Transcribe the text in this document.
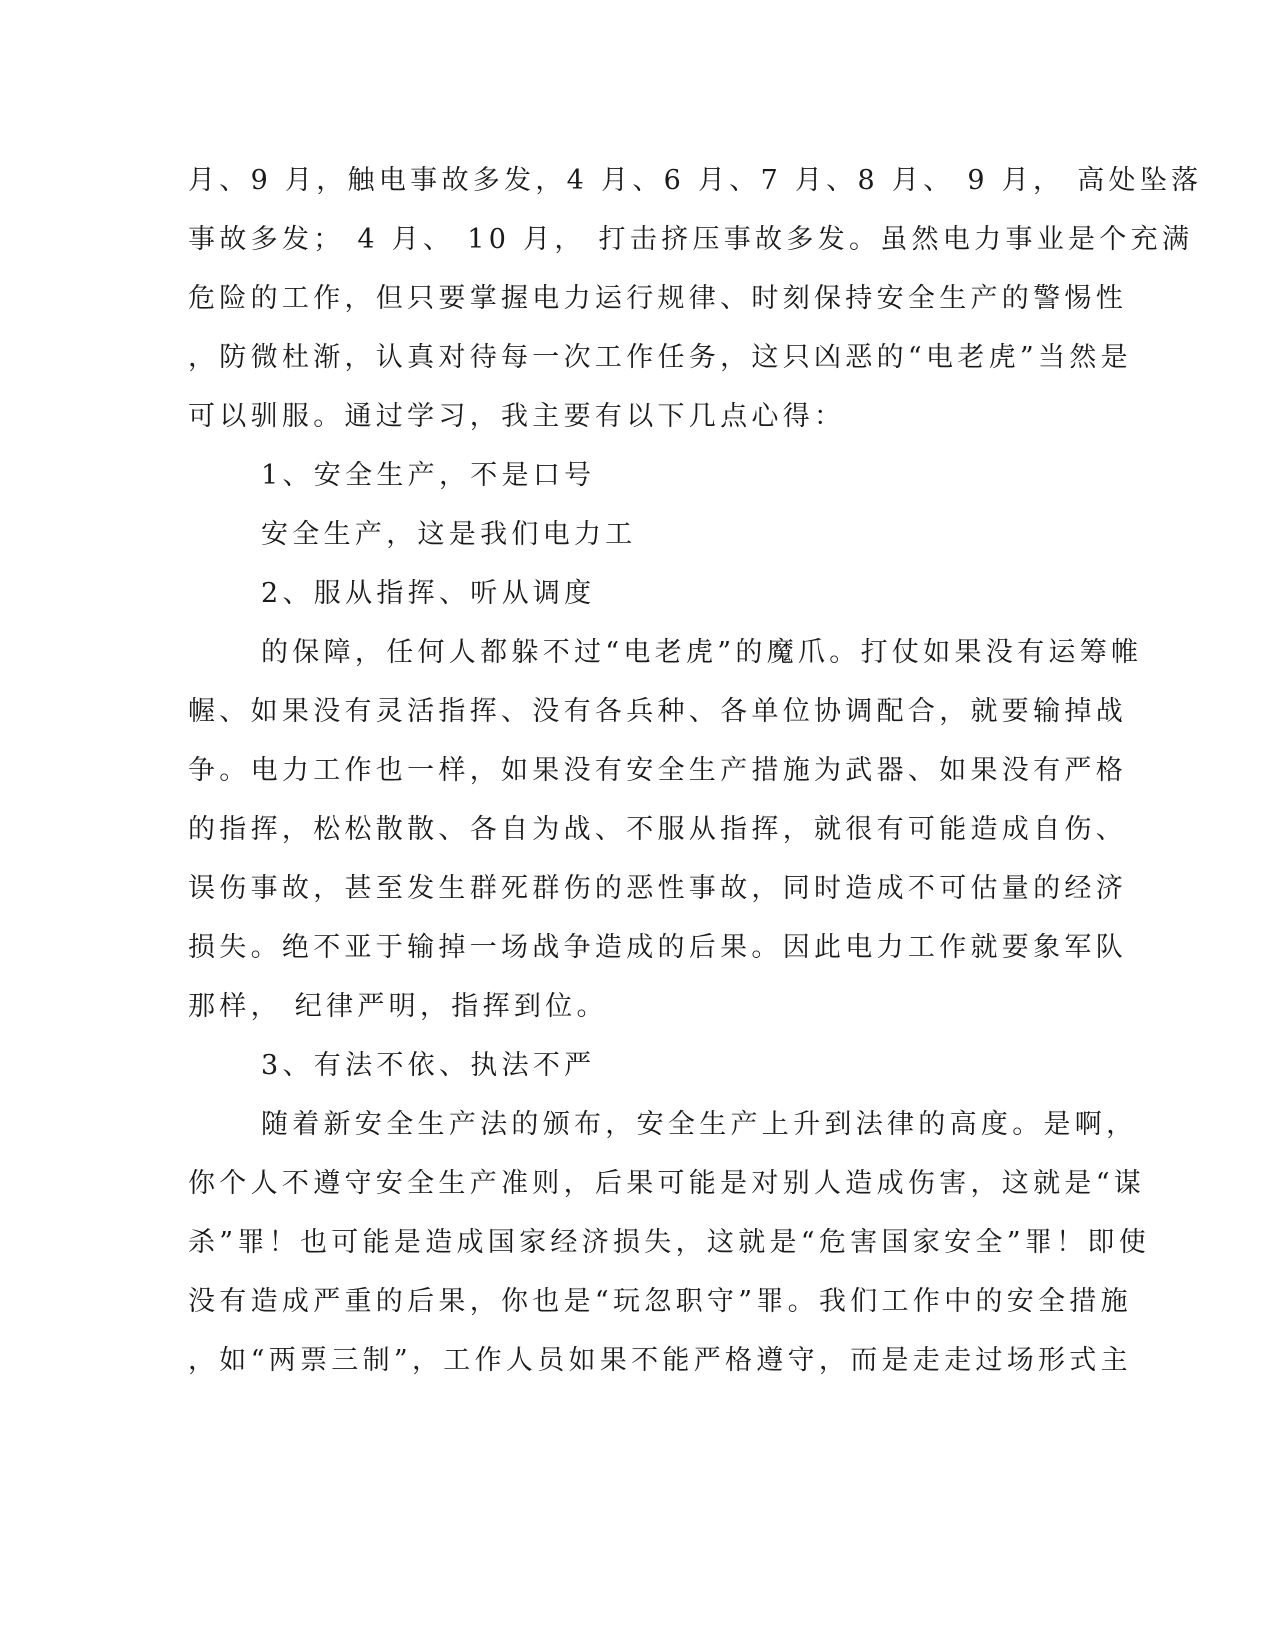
月、9 月，触电事故多发，4 月、6 月、7 月、8 月、 9 月， 高处坠落
事故多发； 4 月、 10 月， 打击挤压事故多发。虽然电力事业是个充满
危险的工作，但只要掌握电力运行规律、时刻保持安全生产的警惕性
，防微杜渐，认真对待每一次工作任务，这只凶恶的“电老虎”当然是
可以驯服。通过学习，我主要有以下几点心得：
1、安全生产，不是口号
安全生产，这是我们电力工
2、服从指挥、听从调度
的保障，任何人都躲不过“电老虎”的魔爪。打仗如果没有运筹帷
幄、如果没有灵活指挥、没有各兵种、各单位协调配合，就要输掉战
争。电力工作也一样，如果没有安全生产措施为武器、如果没有严格
的指挥，松松散散、各自为战、不服从指挥，就很有可能造成自伤、
误伤事故，甚至发生群死群伤的恶性事故，同时造成不可估量的经济
损失。绝不亚于输掉一场战争造成的后果。因此电力工作就要象军队
那样， 纪律严明，指挥到位。
3、有法不依、执法不严
随着新安全生产法的颁布，安全生产上升到法律的高度。是啊，
你个人不遵守安全生产准则，后果可能是对别人造成伤害，这就是“谋
杀”罪！也可能是造成国家经济损失，这就是“危害国家安全”罪！即使
没有造成严重的后果，你也是“玩忽职守”罪。我们工作中的安全措施
，如“两票三制”，工作人员如果不能严格遵守，而是走走过场形式主
